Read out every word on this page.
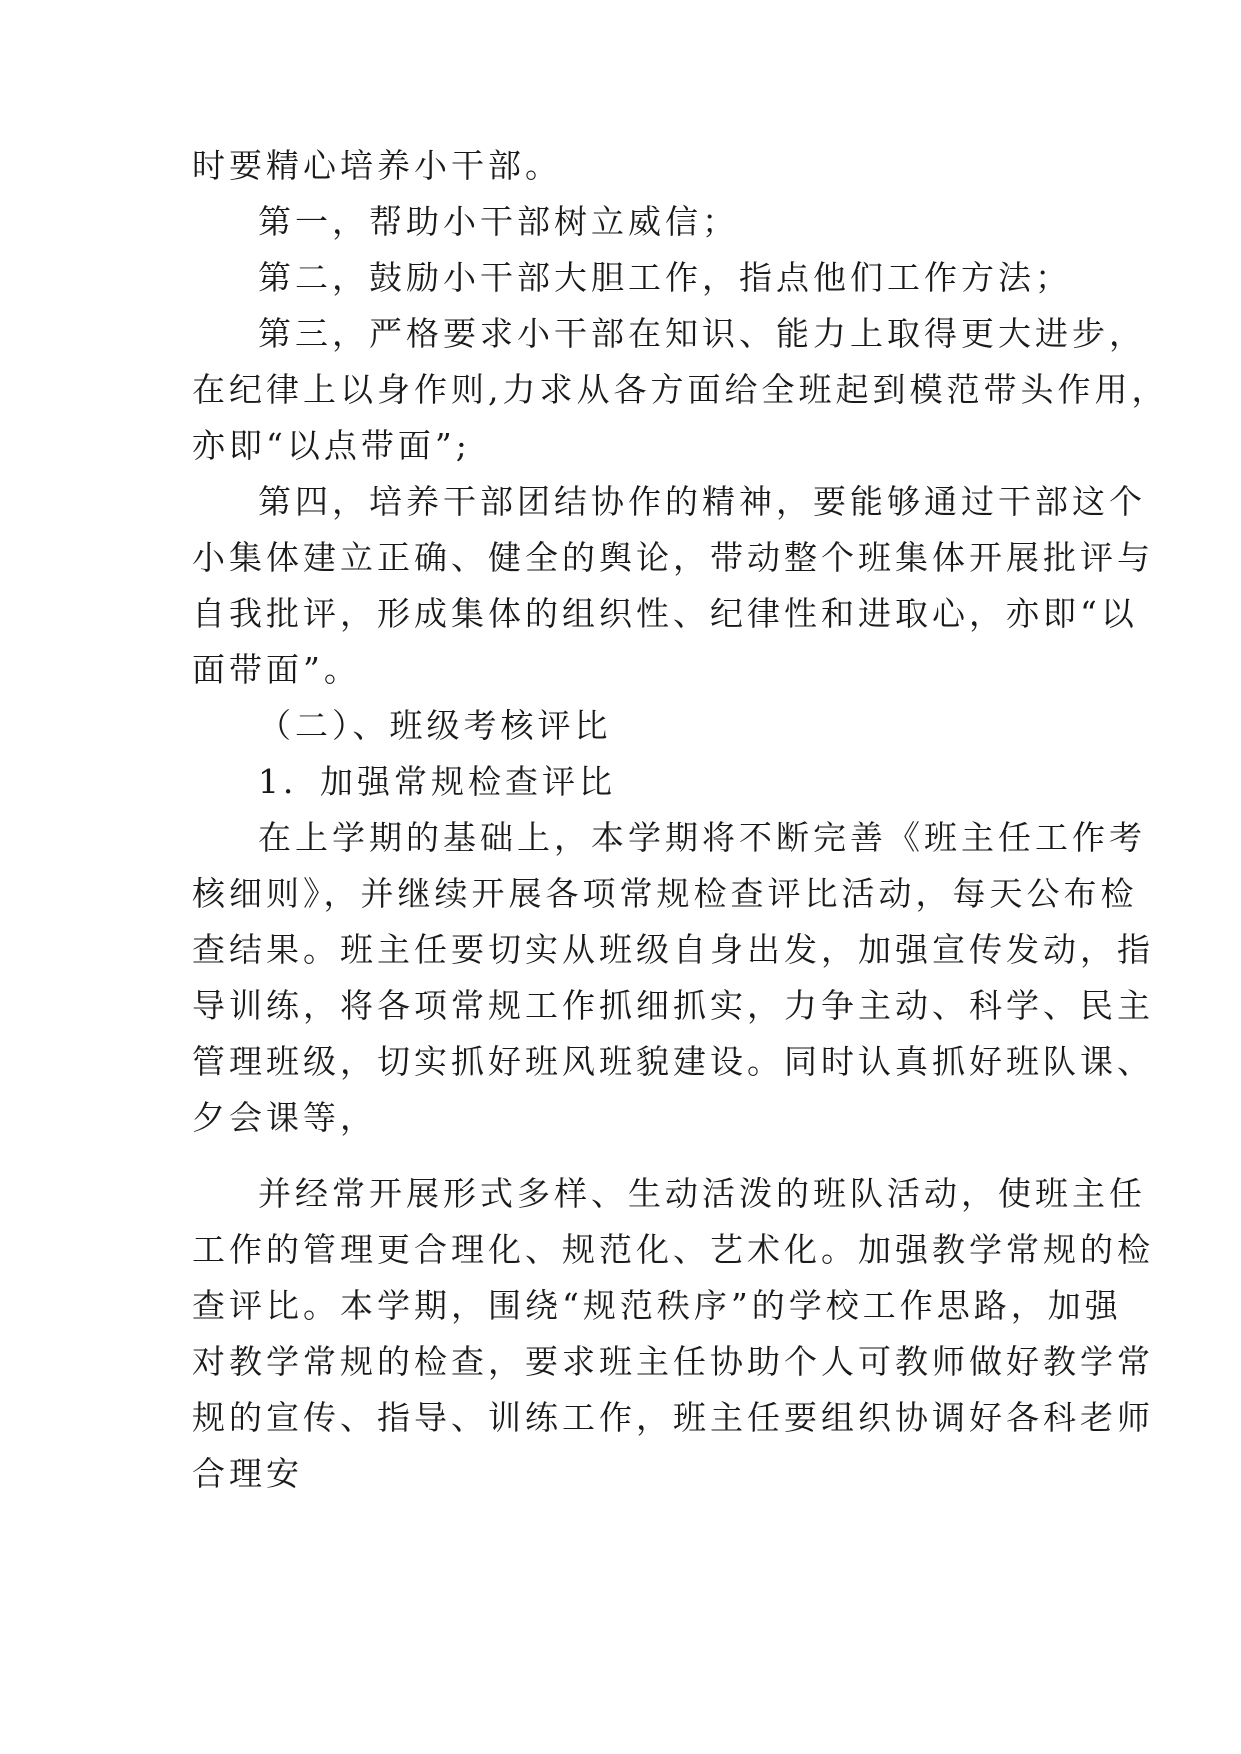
时要精心培养小干部。
第一，帮助小干部树立威信；
第二，鼓励小干部大胆工作，指点他们工作方法；
第三，严格要求小干部在知识、能力上取得更大进步，
在纪律上以身作则,力求从各方面给全班起到模范带头作用，
亦即“以点带面”;
第四，培养干部团结协作的精神，要能够通过干部这个
小集体建立正确、健全的舆论，带动整个班集体开展批评与
自我批评，形成集体的组织性、纪律性和进取心，亦即“以
面带面”。
（二）、班级考核评比
1．加强常规检查评比
在上学期的基础上，本学期将不断完善《班主任工作考
核细则》，并继续开展各项常规检查评比活动，每天公布检
查结果。班主任要切实从班级自身出发，加强宣传发动，指
导训练，将各项常规工作抓细抓实，力争主动、科学、民主
管理班级，切实抓好班风班貌建设。同时认真抓好班队课、
夕会课等，
并经常开展形式多样、生动活泼的班队活动，使班主任
工作的管理更合理化、规范化、艺术化。加强教学常规的检
查评比。本学期，围绕“规范秩序”的学校工作思路，加强
对教学常规的检查，要求班主任协助个人可教师做好教学常
规的宣传、指导、训练工作，班主任要组织协调好各科老师
合理安
